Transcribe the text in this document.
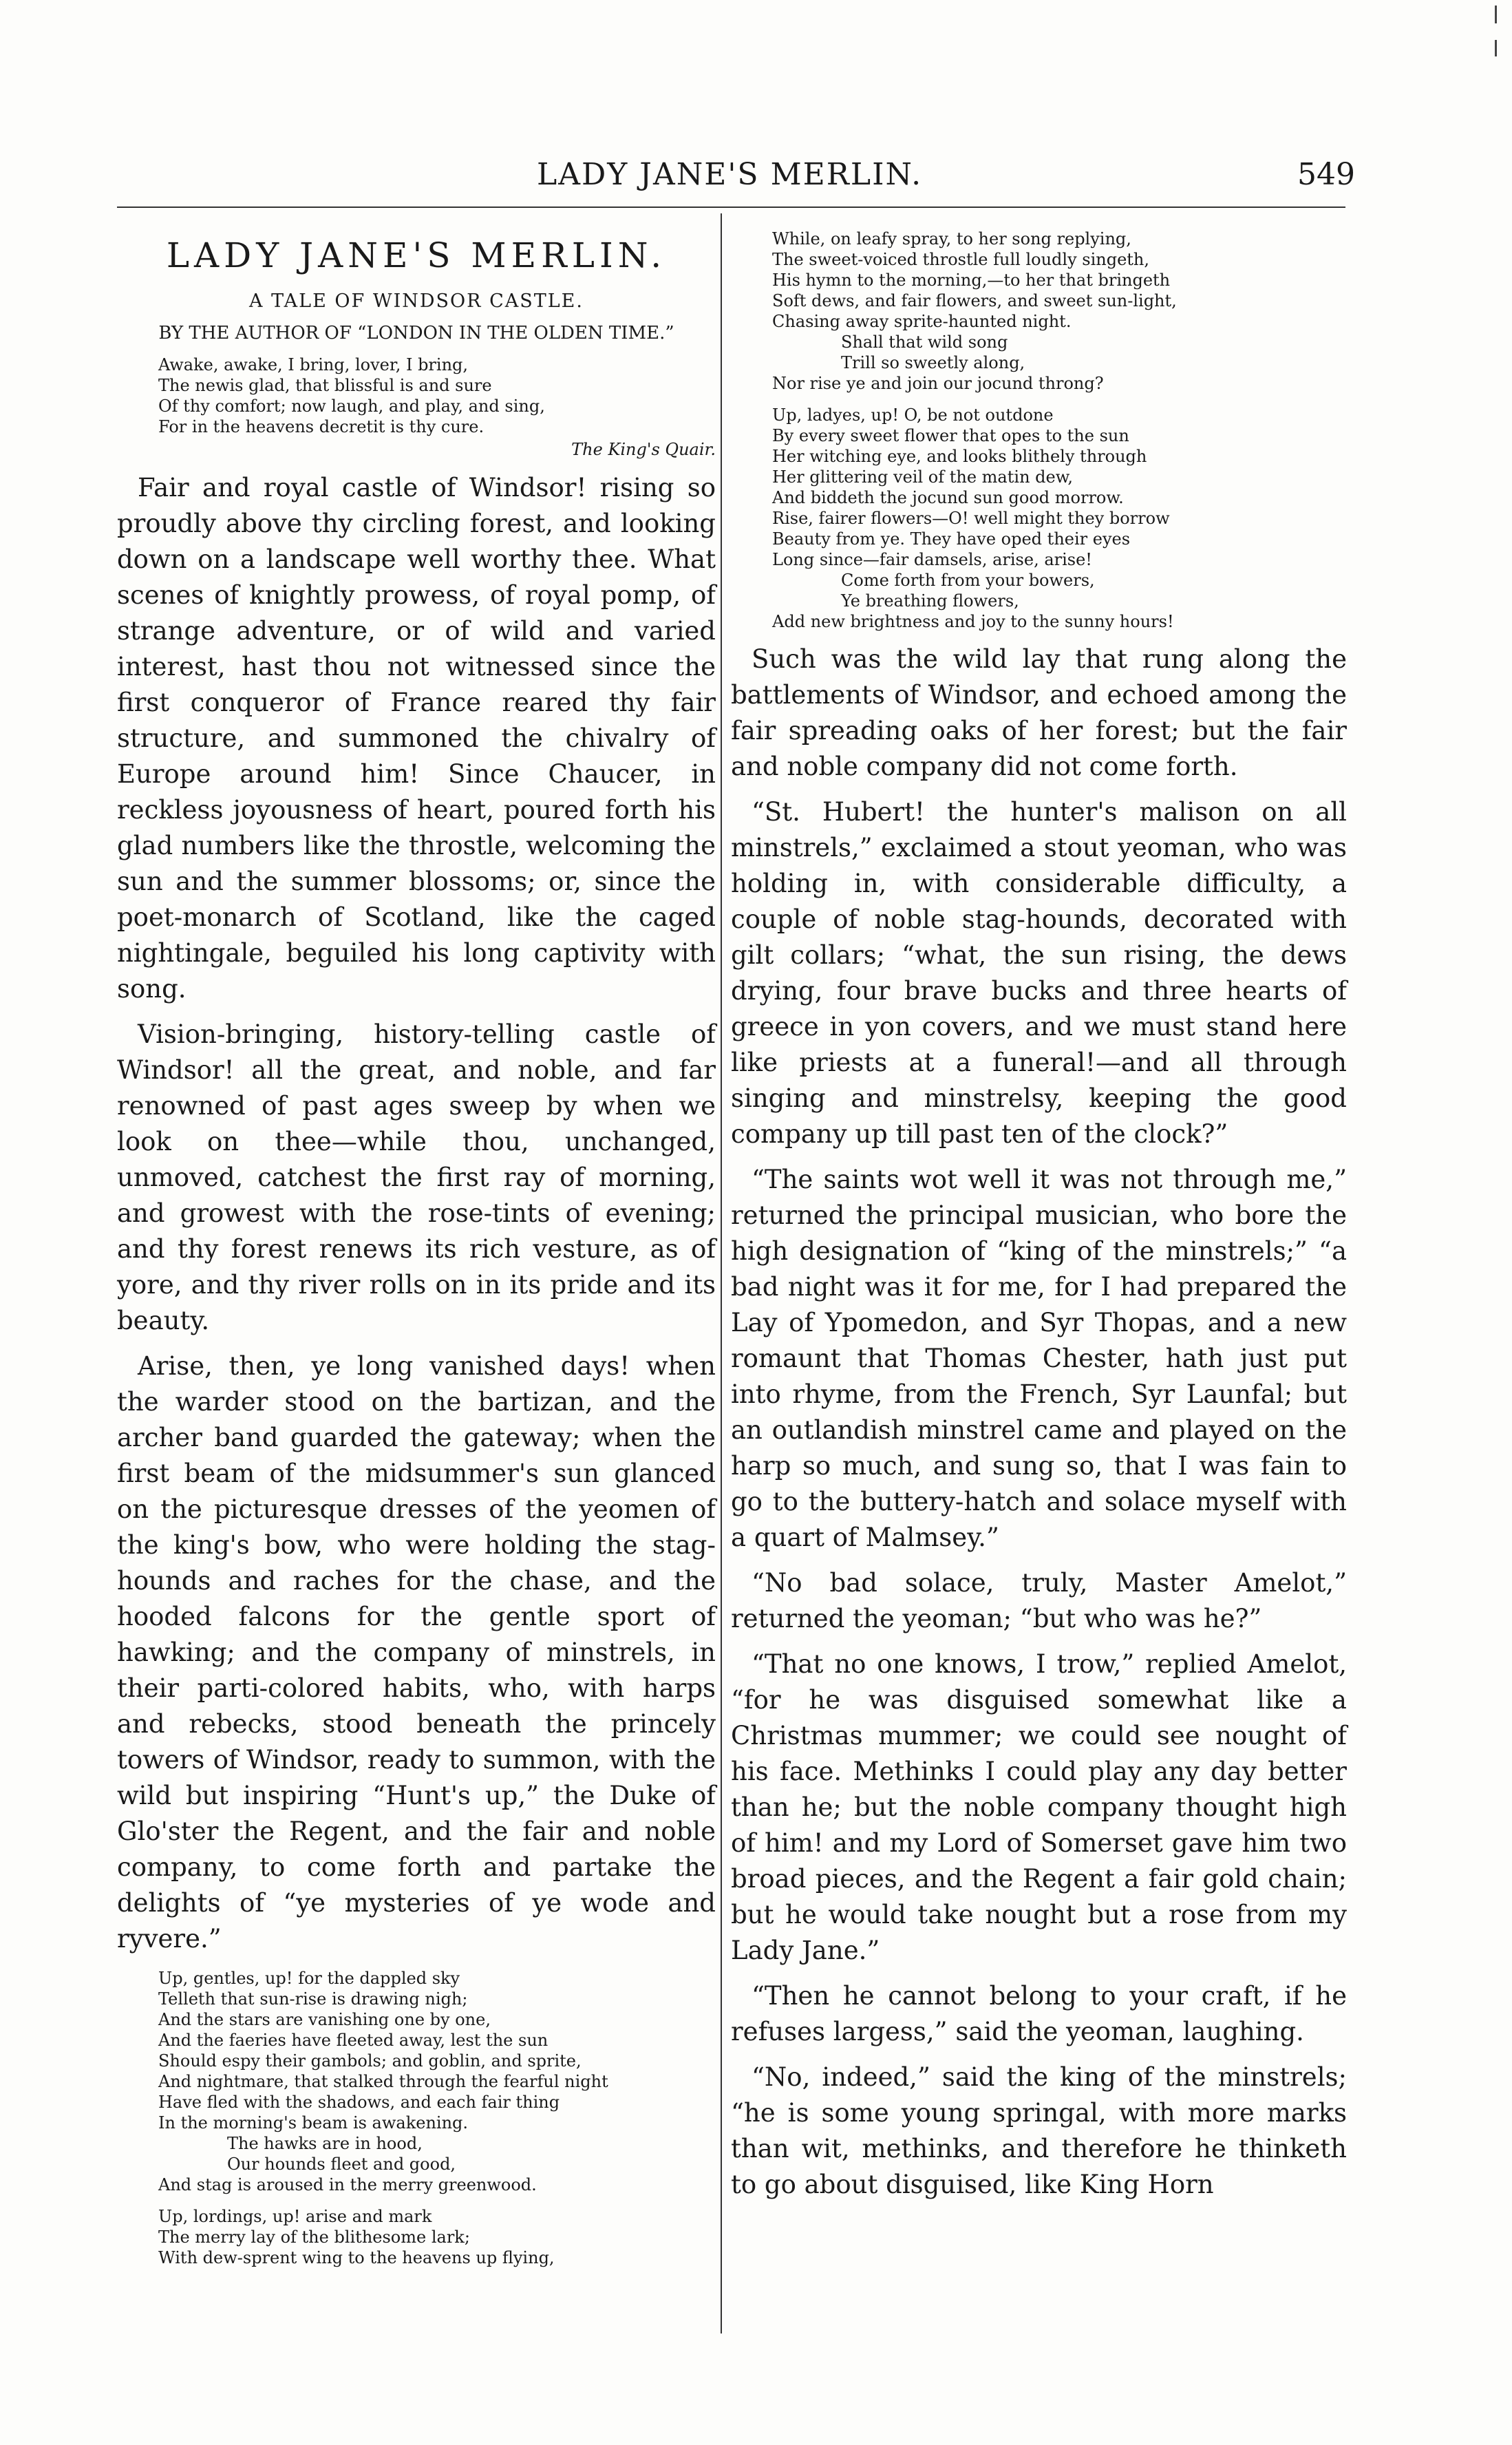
LADY JANE'S MERLIN.	549
LADY JANE'S MERLIN.
A TALE OF WINDSOR CASTLE.
BY THE AUTHOR OF “LONDON IN THE OLDEN TIME.”
Awake, awake, I bring, lover, I bring,
The newis glad, that blissful is and sure
Of thy comfort; now laugh, and play, and sing,
For in the heavens decretit is thy cure.
The King's Quair.

Fair and royal castle of Windsor! rising so proudly above thy circling forest, and looking down on a landscape well worthy thee. What scenes of knightly prowess, of royal pomp, of strange adventure, or of wild and varied interest, hast thou not witnessed since the first conqueror of France reared thy fair structure, and summoned the chivalry of Europe around him! Since Chaucer, in reckless joyousness of heart, poured forth his glad numbers like the throstle, welcoming the sun and the summer blossoms; or, since the poet-monarch of Scotland, like the caged nightingale, beguiled his long captivity with song.

Vision-bringing, history-telling castle of Windsor! all the great, and noble, and far renowned of past ages sweep by when we look on thee—while thou, unchanged, unmoved, catchest the first ray of morning, and growest with the rose-tints of evening; and thy forest renews its rich vesture, as of yore, and thy river rolls on in its pride and its beauty.

Arise, then, ye long vanished days! when the warder stood on the bartizan, and the archer band guarded the gateway; when the first beam of the midsummer's sun glanced on the picturesque dresses of the yeomen of the king's bow, who were holding the stag-hounds and raches for the chase, and the hooded falcons for the gentle sport of hawking; and the company of minstrels, in their parti-colored habits, who, with harps and rebecks, stood beneath the princely towers of Windsor, ready to summon, with the wild but inspiring “Hunt's up,” the Duke of Glo'ster the Regent, and the fair and noble company, to come forth and partake the delights of “ye mysteries of ye wode and ryvere.”

Up, gentles, up! for the dappled sky
Telleth that sun-rise is drawing nigh;
And the stars are vanishing one by one,
And the faeries have fleeted away, lest the sun
Should espy their gambols; and goblin, and sprite,
And nightmare, that stalked through the fearful night
Have fled with the shadows, and each fair thing
In the morning's beam is awakening.
The hawks are in hood,
Our hounds fleet and good,
And stag is aroused in the merry greenwood.
Up, lordings, up! arise and mark
The merry lay of the blithesome lark;
With dew-sprent wing to the heavens up flying,
While, on leafy spray, to her song replying,
The sweet-voiced throstle full loudly singeth,
His hymn to the morning,—to her that bringeth
Soft dews, and fair flowers, and sweet sun-light,
Chasing away sprite-haunted night.
Shall that wild song
Trill so sweetly along,
Nor rise ye and join our jocund throng?
Up, ladyes, up! O, be not outdone
By every sweet flower that opes to the sun
Her witching eye, and looks blithely through
Her glittering veil of the matin dew,
And biddeth the jocund sun good morrow.
Rise, fairer flowers—O! well might they borrow
Beauty from ye. They have oped their eyes
Long since—fair damsels, arise, arise!
Come forth from your bowers,
Ye breathing flowers,
Add new brightness and joy to the sunny hours!

Such was the wild lay that rung along the battlements of Windsor, and echoed among the fair spreading oaks of her forest; but the fair and noble company did not come forth.

“St. Hubert! the hunter's malison on all minstrels,” exclaimed a stout yeoman, who was holding in, with considerable difficulty, a couple of noble stag-hounds, decorated with gilt collars; “what, the sun rising, the dews drying, four brave bucks and three hearts of greece in yon covers, and we must stand here like priests at a funeral!—and all through singing and minstrelsy, keeping the good company up till past ten of the clock?”

“The saints wot well it was not through me,” returned the principal musician, who bore the high designation of “king of the minstrels;” “a bad night was it for me, for I had prepared the Lay of Ypomedon, and Syr Thopas, and a new romaunt that Thomas Chester, hath just put into rhyme, from the French, Syr Launfal; but an outlandish minstrel came and played on the harp so much, and sung so, that I was fain to go to the buttery-hatch and solace myself with a quart of Malmsey.”

“No bad solace, truly, Master Amelot,” returned the yeoman; “but who was he?”

“That no one knows, I trow,” replied Amelot, “for he was disguised somewhat like a Christmas mummer; we could see nought of his face. Methinks I could play any day better than he; but the noble company thought high of him! and my Lord of Somerset gave him two broad pieces, and the Regent a fair gold chain; but he would take nought but a rose from my Lady Jane.”

“Then he cannot belong to your craft, if he refuses largess,” said the yeoman, laughing.

“No, indeed,” said the king of the minstrels; “he is some young springal, with more marks than wit, methinks, and therefore he thinketh to go about disguised, like King Horn
